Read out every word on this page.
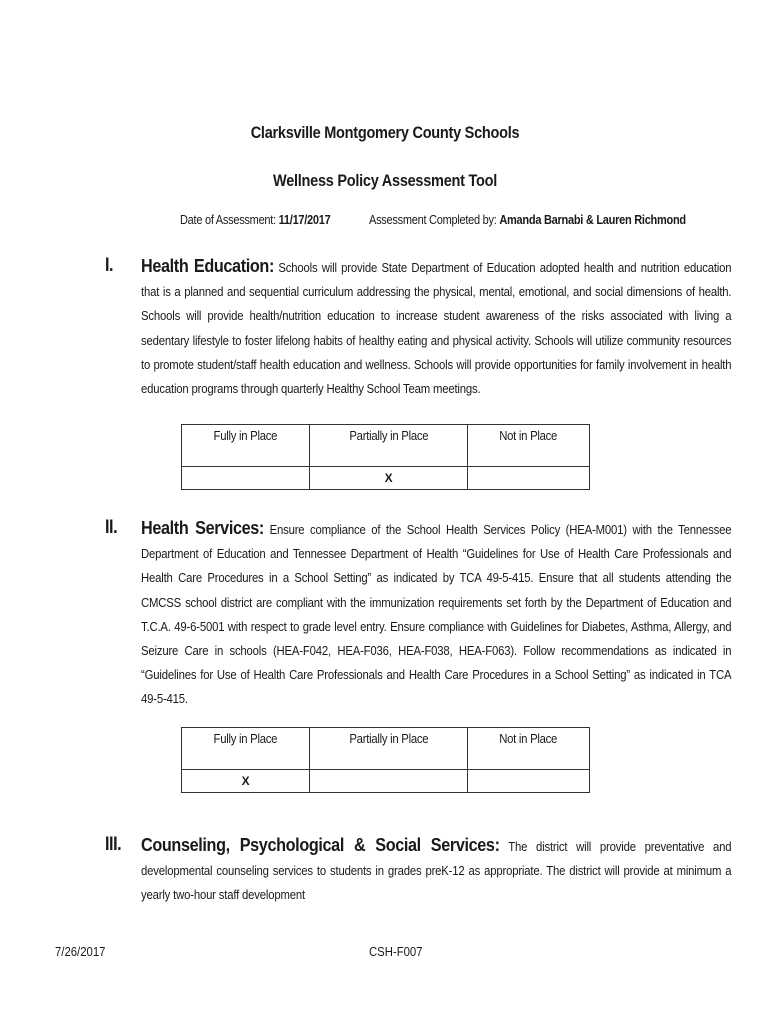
Clarksville Montgomery County Schools
Wellness Policy Assessment Tool
Date of Assessment: 11/17/2017	Assessment Completed by: Amanda Barnabi & Lauren Richmond
I. Health Education: Schools will provide State Department of Education adopted health and nutrition education that is a planned and sequential curriculum addressing the physical, mental, emotional, and social dimensions of health. Schools will provide health/nutrition education to increase student awareness of the risks associated with living a sedentary lifestyle to foster lifelong habits of healthy eating and physical activity. Schools will utilize community resources to promote student/staff health education and wellness. Schools will provide opportunities for family involvement in health education programs through quarterly Healthy School Team meetings.
Fully in Place	Partially in Place	Not in Place
	X	
II. Health Services: Ensure compliance of the School Health Services Policy (HEA-M001) with the Tennessee Department of Education and Tennessee Department of Health “Guidelines for Use of Health Care Professionals and Health Care Procedures in a School Setting” as indicated by TCA 49-5-415. Ensure that all students attending the CMCSS school district are compliant with the immunization requirements set forth by the Department of Education and T.C.A. 49-6-5001 with respect to grade level entry. Ensure compliance with Guidelines for Diabetes, Asthma, Allergy, and Seizure Care in schools (HEA-F042, HEA-F036, HEA-F038, HEA-F063). Follow recommendations as indicated in “Guidelines for Use of Health Care Professionals and Health Care Procedures in a School Setting” as indicated in TCA 49-5-415.
Fully in Place	Partially in Place	Not in Place
X		
III. Counseling, Psychological & Social Services: The district will provide preventative and developmental counseling services to students in grades preK-12 as appropriate. The district will provide at minimum a yearly two-hour staff development
7/26/2017	CSH-F007
